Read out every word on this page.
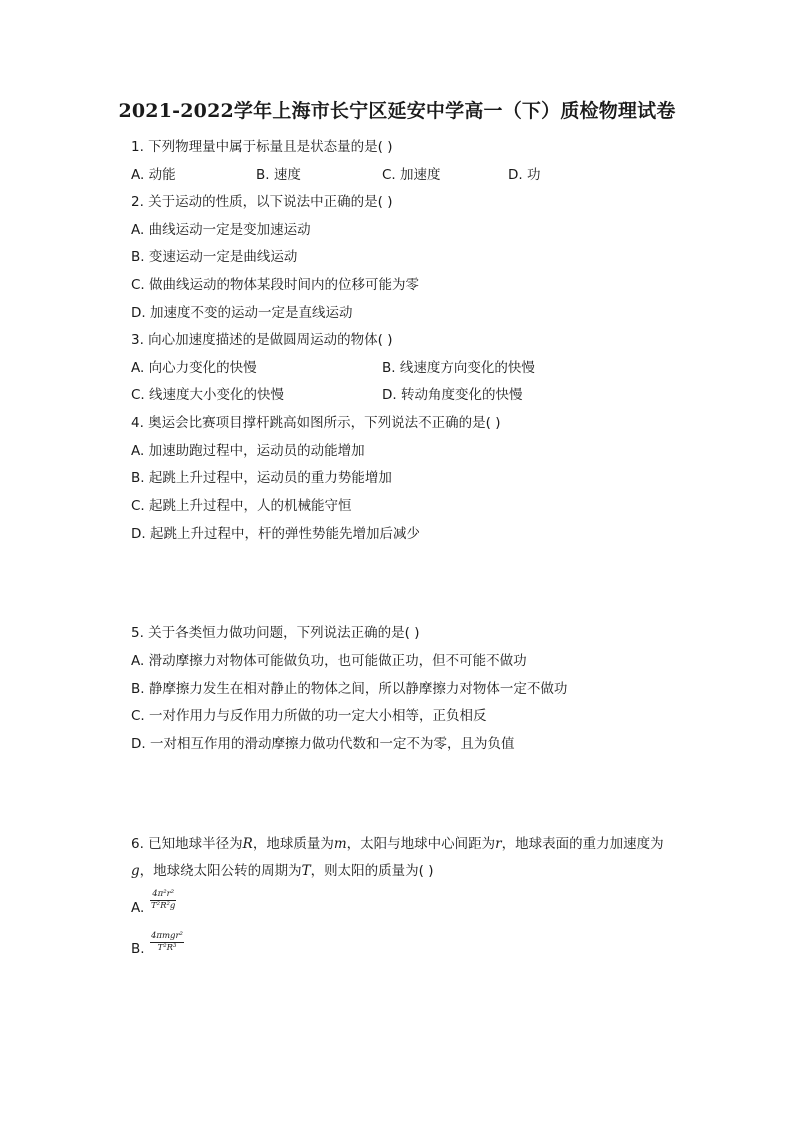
2021-2022学年上海市长宁区延安中学高一（下）质检物理试卷
1. 下列物理量中属于标量且是状态量的是( )
A. 动能	B. 速度	C. 加速度	D. 功
2. 关于运动的性质，以下说法中正确的是( )
A. 曲线运动一定是变加速运动
B. 变速运动一定是曲线运动
C. 做曲线运动的物体某段时间内的位移可能为零
D. 加速度不变的运动一定是直线运动
3. 向心加速度描述的是做圆周运动的物体( )
A. 向心力变化的快慢	B. 线速度方向变化的快慢
C. 线速度大小变化的快慢	D. 转动角度变化的快慢
4. 奥运会比赛项目撑杆跳高如图所示，下列说法不正确的是( )
A. 加速助跑过程中，运动员的动能增加
B. 起跳上升过程中，运动员的重力势能增加
C. 起跳上升过程中，人的机械能守恒
D. 起跳上升过程中，杆的弹性势能先增加后减少
5. 关于各类恒力做功问题，下列说法正确的是( )
A. 滑动摩擦力对物体可能做负功，也可能做正功，但不可能不做功
B. 静摩擦力发生在相对静止的物体之间，所以静摩擦力对物体一定不做功
C. 一对作用力与反作用力所做的功一定大小相等，正负相反
D. 一对相互作用的滑动摩擦力做功代数和一定不为零，且为负值
6. 已知地球半径为R，地球质量为m，太阳与地球中心间距为r，地球表面的重力加速度为
g，地球绕太阳公转的周期为T，则太阳的质量为( )
A. $\frac{\text{4π²r²}}{\text{T²R²g}}$
B.
4πmgr²
T²R³
